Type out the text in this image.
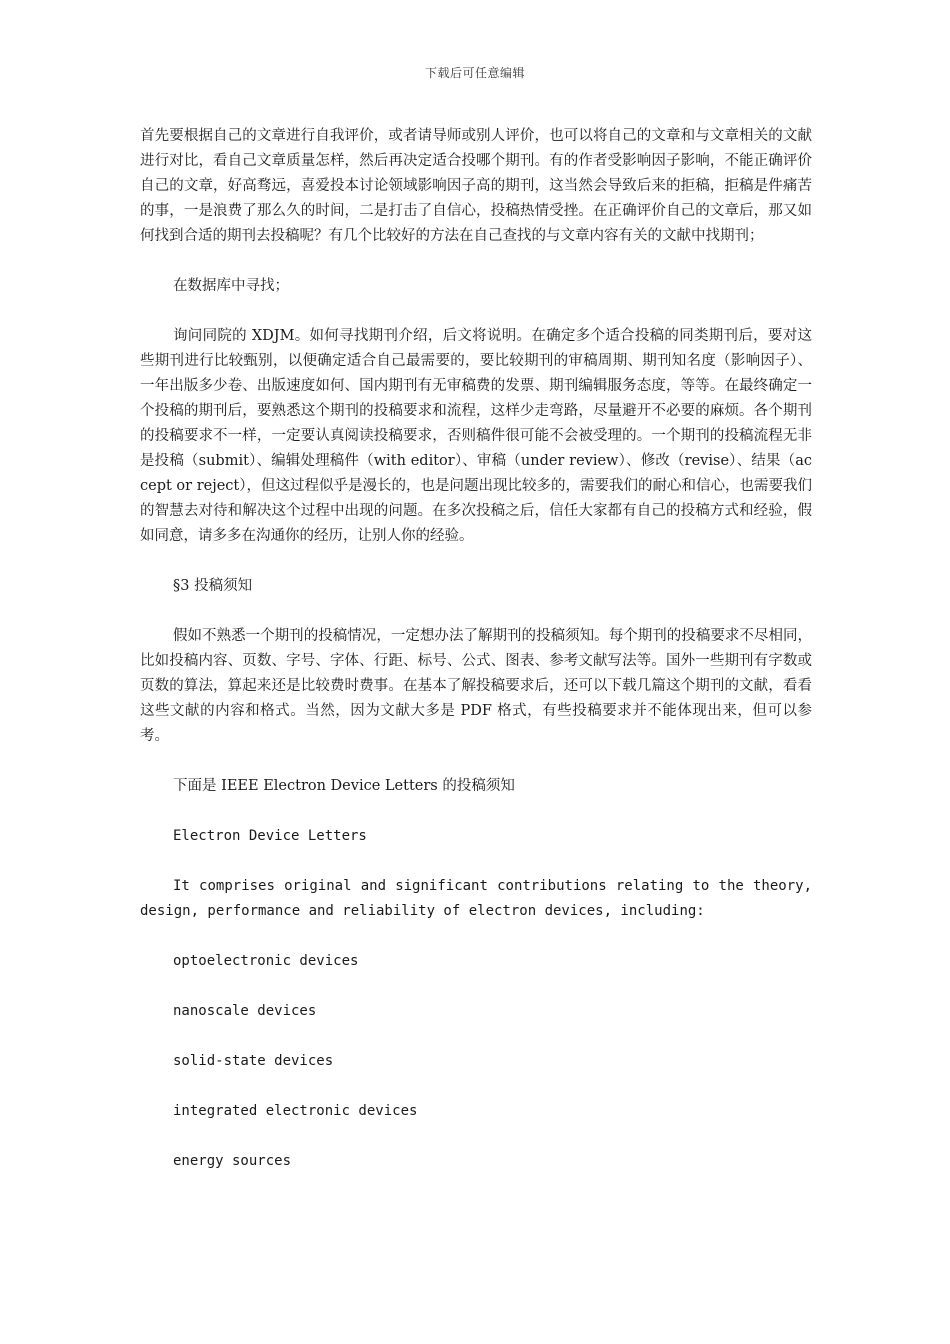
下载后可任意编辑

首先要根据自己的文章进行自我评价，或者请导师或别人评价，也可以将自己的文章和与文章相关的文献进行对比，看自己文章质量怎样，然后再决定适合投哪个期刊。有的作者受影响因子影响，不能正确评价自己的文章，好高骛远，喜爱投本讨论领域影响因子高的期刊，这当然会导致后来的拒稿，拒稿是件痛苦的事，一是浪费了那么久的时间，二是打击了自信心，投稿热情受挫。在正确评价自己的文章后，那又如何找到合适的期刊去投稿呢？有几个比较好的方法在自己查找的与文章内容有关的文献中找期刊；

在数据库中寻找；

询问同院的 XDJM。如何寻找期刊介绍，后文将说明。在确定多个适合投稿的同类期刊后，要对这些期刊进行比较甄别，以便确定适合自己最需要的，要比较期刊的审稿周期、期刊知名度（影响因子）、一年出版多少卷、出版速度如何、国内期刊有无审稿费的发票、期刊编辑服务态度，等等。在最终确定一个投稿的期刊后，要熟悉这个期刊的投稿要求和流程，这样少走弯路，尽量避开不必要的麻烦。各个期刊的投稿要求不一样，一定要认真阅读投稿要求，否则稿件很可能不会被受理的。一个期刊的投稿流程无非是投稿（submit）、编辑处理稿件（with editor）、审稿（under review）、修改（revise）、结果（accept or reject），但这过程似乎是漫长的，也是问题出现比较多的，需要我们的耐心和信心，也需要我们的智慧去对待和解决这个过程中出现的问题。在多次投稿之后，信任大家都有自己的投稿方式和经验，假如同意，请多多在沟通你的经历，让别人你的经验。

§3 投稿须知

假如不熟悉一个期刊的投稿情况，一定想办法了解期刊的投稿须知。每个期刊的投稿要求不尽相同，比如投稿内容、页数、字号、字体、行距、标号、公式、图表、参考文献写法等。国外一些期刊有字数或页数的算法，算起来还是比较费时费事。在基本了解投稿要求后，还可以下载几篇这个期刊的文献，看看这些文献的内容和格式。当然，因为文献大多是 PDF 格式，有些投稿要求并不能体现出来，但可以参考。

下面是 IEEE Electron Device Letters 的投稿须知

Electron Device Letters

It comprises original and significant contributions relating to the theory, design, performance and reliability of electron devices, including:

optoelectronic devices
nanoscale devices
solid-state devices
integrated electronic devices
energy sources
